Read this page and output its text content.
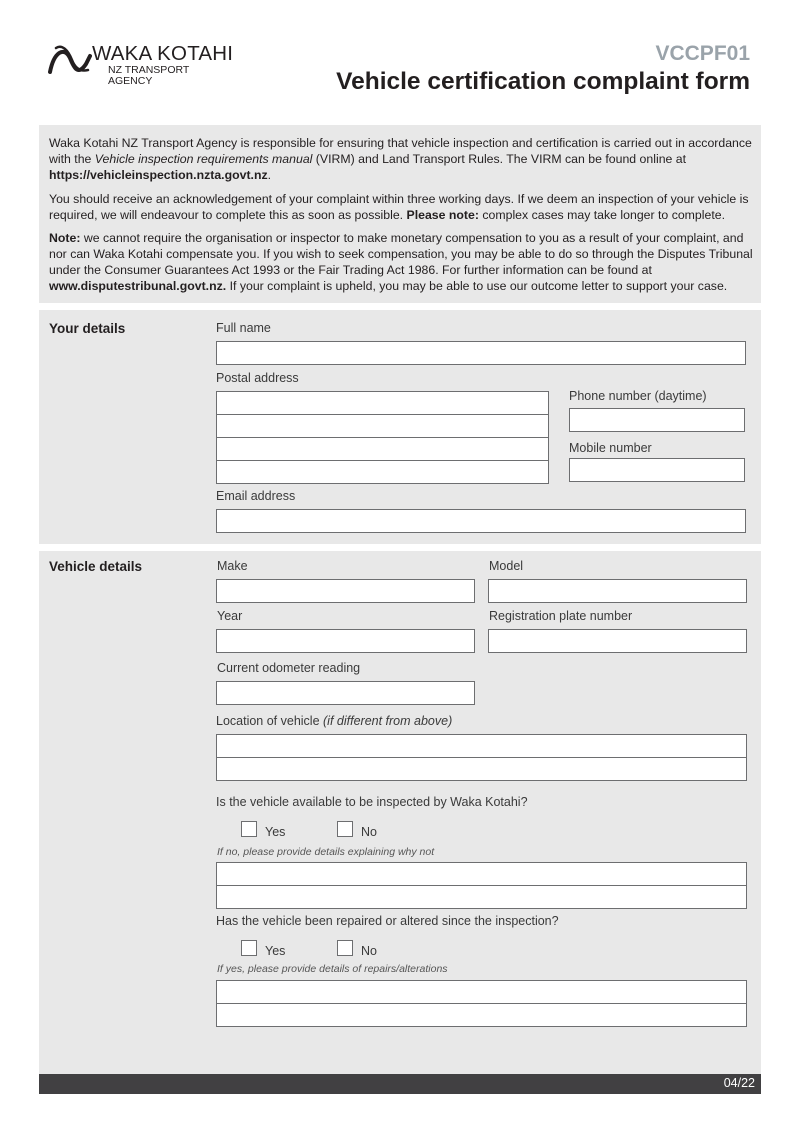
WAKA KOTAHI
NZ TRANSPORT
AGENCY
VCCPF01
Vehicle certification complaint form

Waka Kotahi NZ Transport Agency is responsible for ensuring that vehicle inspection and certification is carried out in accordance with the Vehicle inspection requirements manual (VIRM) and Land Transport Rules. The VIRM can be found online at https://vehicleinspection.nzta.govt.nz.

You should receive an acknowledgement of your complaint within three working days. If we deem an inspection of your vehicle is required, we will endeavour to complete this as soon as possible. Please note: complex cases may take longer to complete.

Note: we cannot require the organisation or inspector to make monetary compensation to you as a result of your complaint, and nor can Waka Kotahi compensate you. If you wish to seek compensation, you may be able to do so through the Disputes Tribunal under the Consumer Guarantees Act 1993 or the Fair Trading Act 1986. For further information can be found at www.disputestribunal.govt.nz. If your complaint is upheld, you may be able to use our outcome letter to support your case.

Your details	Full name
Postal address
Phone number (daytime)
Mobile number
Email address
Vehicle details	Make	Model
Year	Registration plate number
Current odometer reading
Location of vehicle (if different from above)
Is the vehicle available to be inspected by Waka Kotahi?
Yes	No
If no, please provide details explaining why not
Has the vehicle been repaired or altered since the inspection?
Yes	No
If yes, please provide details of repairs/alterations
04/22
